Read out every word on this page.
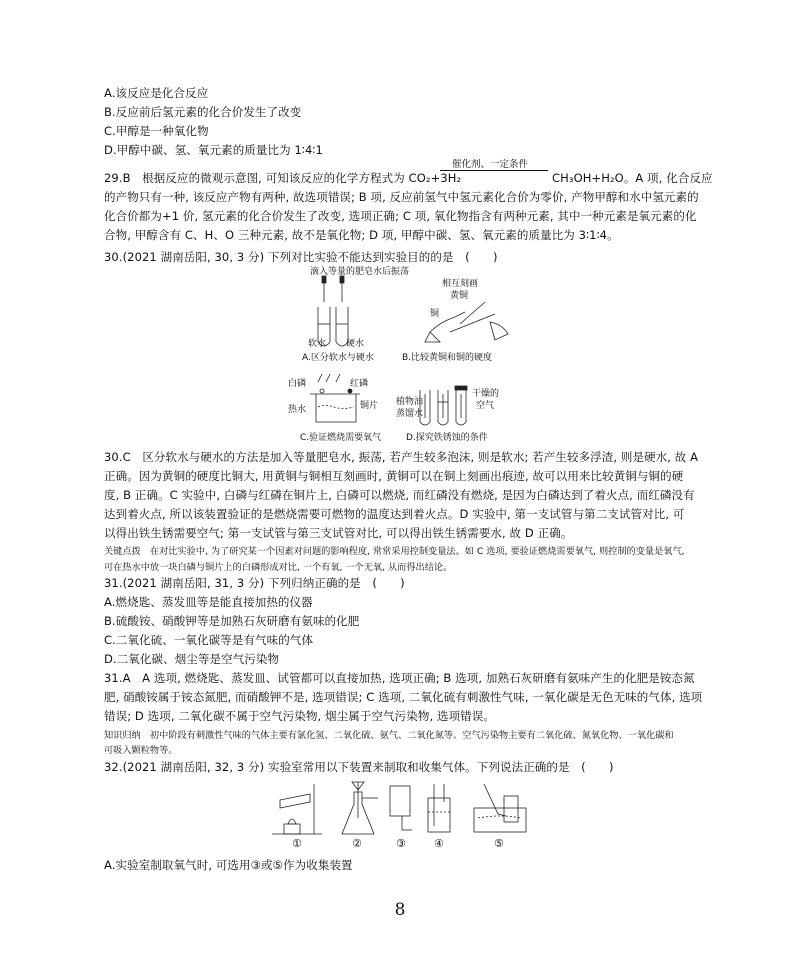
A.该反应是化合反应
B.反应前后氢元素的化合价发生了改变
C.甲醇是一种氧化物
D.甲醇中碳、氢、氧元素的质量比为 1∶4∶1
29.B　根据反应的微观示意图, 可知该反应的化学方程式为 CO₂+3H₂
催化剂、一定条件
CH₃OH+H₂O。A 项, 化合反应
的产物只有一种, 该反应产物有两种, 故选项错误; B 项, 反应前氢气中氢元素化合价为零价, 产物甲醇和水中氢元素的
化合价都为+1 价, 氢元素的化合价发生了改变, 选项正确; C 项, 氧化物指含有两种元素, 其中一种元素是氧元素的化
合物, 甲醇含有 C、H、O 三种元素, 故不是氧化物; D 项, 甲醇中碳、氢、氧元素的质量比为 3∶1∶4。
30.(2021 湖南岳阳, 30, 3 分) 下列对比实验不能达到实验目的的是　(　　)
滴入等量的肥皂水后振荡
软水 硬水
A.区分软水与硬水
相互刻画
黄铜
铜
B.比较黄铜和铜的硬度
白磷	红磷
热水	铜片
C.验证燃烧需要氧气
植物油
蒸馏水
干燥的
空气
D.探究铁锈蚀的条件
30.C　区分软水与硬水的方法是加入等量肥皂水, 振荡, 若产生较多泡沫, 则是软水; 若产生较多浮渣, 则是硬水, 故 A
正确。因为黄铜的硬度比铜大, 用黄铜与铜相互刻画时, 黄铜可以在铜上刻画出痕迹, 故可以用来比较黄铜与铜的硬
度, B 正确。C 实验中, 白磷与红磷在铜片上, 白磷可以燃烧, 而红磷没有燃烧, 是因为白磷达到了着火点, 而红磷没有
达到着火点, 所以该装置验证的是燃烧需要可燃物的温度达到着火点。D 实验中, 第一支试管与第二支试管对比, 可
以得出铁生锈需要空气; 第一支试管与第三支试管对比, 可以得出铁生锈需要水, 故 D 正确。
关键点拨　在对比实验中, 为了研究某一个因素对问题的影响程度, 常常采用控制变量法。如 C 选项, 要验证燃烧需要氧气, 则控制的变量是氧气,
可在热水中放一块白磷与铜片上的白磷形成对比, 一个有氧, 一个无氧, 从而得出结论。
31.(2021 湖南岳阳, 31, 3 分) 下列归纳正确的是　(　　)
A.燃烧匙、蒸发皿等是能直接加热的仪器
B.硫酸铵、硝酸钾等是加熟石灰研磨有氨味的化肥
C.二氧化硫、一氧化碳等是有气味的气体
D.二氧化碳、烟尘等是空气污染物
31.A　A 选项, 燃烧匙、蒸发皿、试管都可以直接加热, 选项正确; B 选项, 加熟石灰研磨有氨味产生的化肥是铵态氮
肥, 硝酸铵属于铵态氮肥, 而硝酸钾不是, 选项错误; C 选项, 二氧化硫有刺激性气味, 一氧化碳是无色无味的气体, 选项
错误; D 选项, 二氧化碳不属于空气污染物, 烟尘属于空气污染物, 选项错误。
知识归纳　初中阶段有刺激性气味的气体主要有氯化氢、二氧化硫、氨气、二氧化氮等。空气污染物主要有二氧化硫、氮氧化物、一氧化碳和
可吸入颗粒物等。
32.(2021 湖南岳阳, 32, 3 分) 实验室常用以下装置来制取和收集气体。下列说法正确的是　(　　)
①	②	③	④	⑤
A.实验室制取氧气时, 可选用③或⑤作为收集装置
8
